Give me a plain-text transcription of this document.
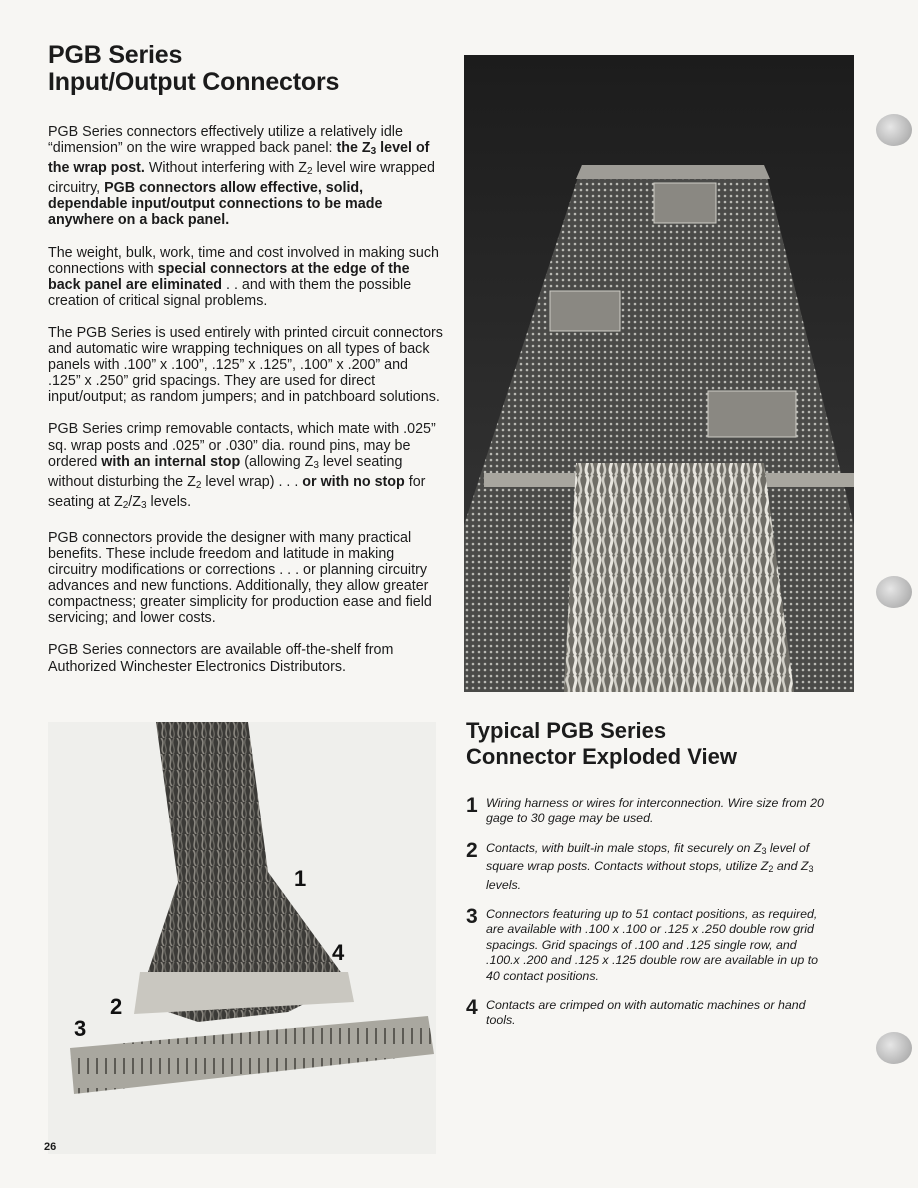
PGB Series
Input/Output Connectors

PGB Series connectors effectively utilize a relatively idle “dimension” on the wire wrapped back panel: the $Z_3$ level of the wrap post. Without interfering with $Z_2$ level wire wrapped circuitry, PGB connectors allow effective, solid, dependable input/output connections to be made anywhere on a back panel.

The weight, bulk, work, time and cost involved in making such connections with special connectors at the edge of the back panel are eliminated . . and with them the possible creation of critical signal problems.

The PGB Series is used entirely with printed circuit connectors and automatic wire wrapping techniques on all types of back panels with .100” x .100”, .125” x .125”, .100” x .200” and .125” x .250” grid spacings. They are used for direct input/output; as random jumpers; and in patchboard solutions.

PGB Series crimp removable contacts, which mate with .025” sq. wrap posts and .025” or .030” dia. round pins, may be ordered with an internal stop (allowing $Z_3$ level seating without disturbing the $Z_2$ level wrap) . . . or with no stop for seating at $Z_2/Z_3$ levels.

PGB connectors provide the designer with many practical benefits. These include freedom and latitude in making circuitry modifications or corrections . . . or planning circuitry advances and new functions. Additionally, they allow greater compactness; greater simplicity for production ease and field servicing; and lower costs.

PGB Series connectors are available off-the-shelf from Authorized Winchester Electronics Distributors.

1
2
3
4
Typical PGB Series
Connector Exploded View
1 Wiring harness or wires for interconnection. Wire size from 20 gage to 30 gage may be used.
2 Contacts, with built-in male stops, fit securely on $Z_3$ level of square wrap posts. Contacts without stops, utilize $Z_2$ and $Z_3$ levels.
3 Connectors featuring up to 51 contact positions, as required, are available with .100 x .100 or .125 x .250 double row grid spacings. Grid spacings of .100 and .125 single row, and .100.x .200 and .125 x .125 double row are available in up to 40 contact positions.
4 Contacts are crimped on with automatic machines or hand tools.
26
